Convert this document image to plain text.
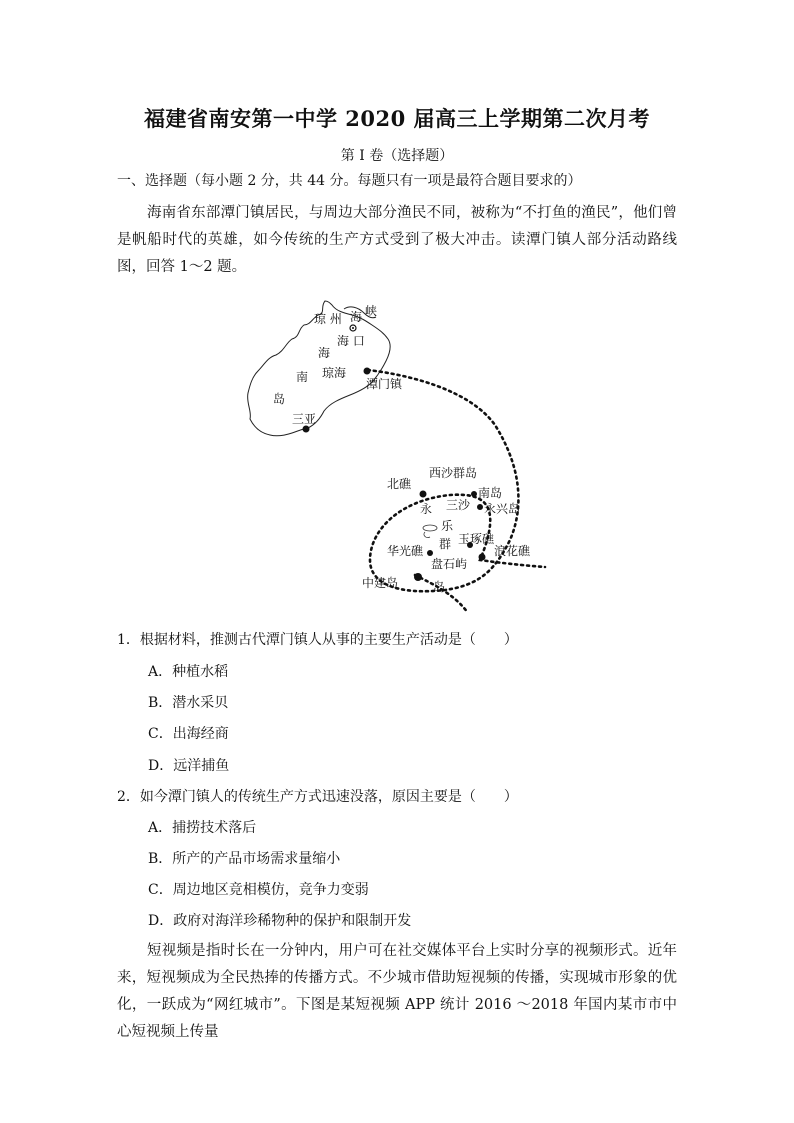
福建省南安第一中学 2020 届高三上学期第二次月考
第 I 卷（选择题）
一、选择题（每小题 2 分，共 44 分。每题只有一项是最符合题目要求的）
海南省东部潭门镇居民，与周边大部分渔民不同，被称为“不打鱼的渔民”，他们曾是帆船时代的英雄，如今传统的生产方式受到了极大冲击。读潭门镇人部分活动路线图，回答 1～2 题。
琼 州 海 峡
海 口
海
南 琼海
潭门镇
岛
三亚
西沙群岛
北礁
南岛
永 三沙 永兴岛
乐
华光礁 群 玉琢礁
浪花礁
盘石屿
中建岛	岛
1．根据材料，推测古代潭门镇人从事的主要生产活动是（　　）
A．种植水稻
B．潜水采贝
C．出海经商
D．远洋捕鱼
2．如今潭门镇人的传统生产方式迅速没落，原因主要是（　　）
A．捕捞技术落后
B．所产的产品市场需求量缩小
C．周边地区竞相模仿，竞争力变弱
D．政府对海洋珍稀物种的保护和限制开发
短视频是指时长在一分钟内，用户可在社交媒体平台上实时分享的视频形式。近年来，短视频成为全民热捧的传播方式。不少城市借助短视频的传播，实现城市形象的优化，一跃成为“网红城市”。下图是某短视频 APP 统计 2016 ～2018 年国内某市市中心短视频上传量
